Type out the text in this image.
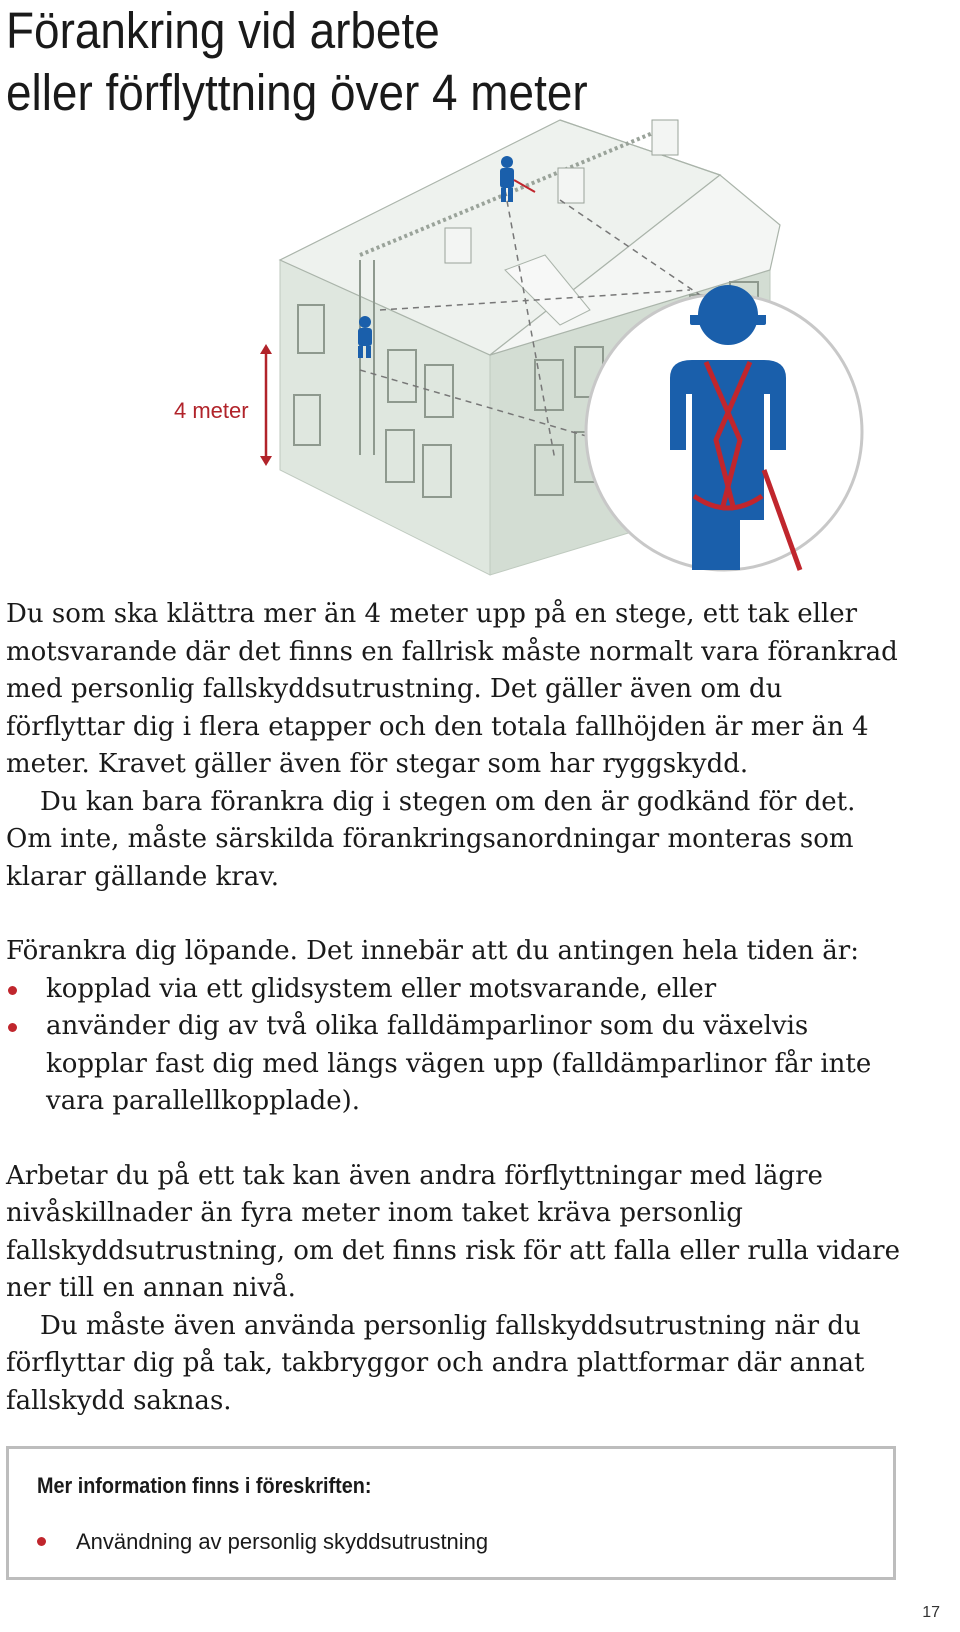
Förankring vid arbete
eller förflyttning över 4 meter
4 meter

Du som ska klättra mer än 4 meter upp på en stege, ett tak eller motsvarande där det finns en fallrisk måste normalt vara förankrad med personlig fallskyddsutrustning. Det gäller även om du förflyttar dig i flera etapper och den totala fallhöjden är mer än 4 meter. Kravet gäller även för stegar som har ryggskydd.

Du kan bara förankra dig i stegen om den är godkänd för det. Om inte, måste särskilda förankringsanordningar monteras som klarar gällande krav.

Förankra dig löpande. Det innebär att du antingen hela tiden är:

kopplad via ett glidsystem eller motsvarande, eller
använder dig av två olika falldämparlinor som du växelvis kopplar fast dig med längs vägen upp (falldämparlinor får inte vara parallellkopplade).

Arbetar du på ett tak kan även andra förflyttningar med lägre nivåskillnader än fyra meter inom taket kräva personlig fallskyddsutrustning, om det finns risk för att falla eller rulla vidare ner till en annan nivå.

Du måste även använda personlig fallskyddsutrustning när du förflyttar dig på tak, takbryggor och andra plattformar där annat fallskydd saknas.

Mer information finns i föreskriften:
Användning av personlig skyddsutrustning
17
